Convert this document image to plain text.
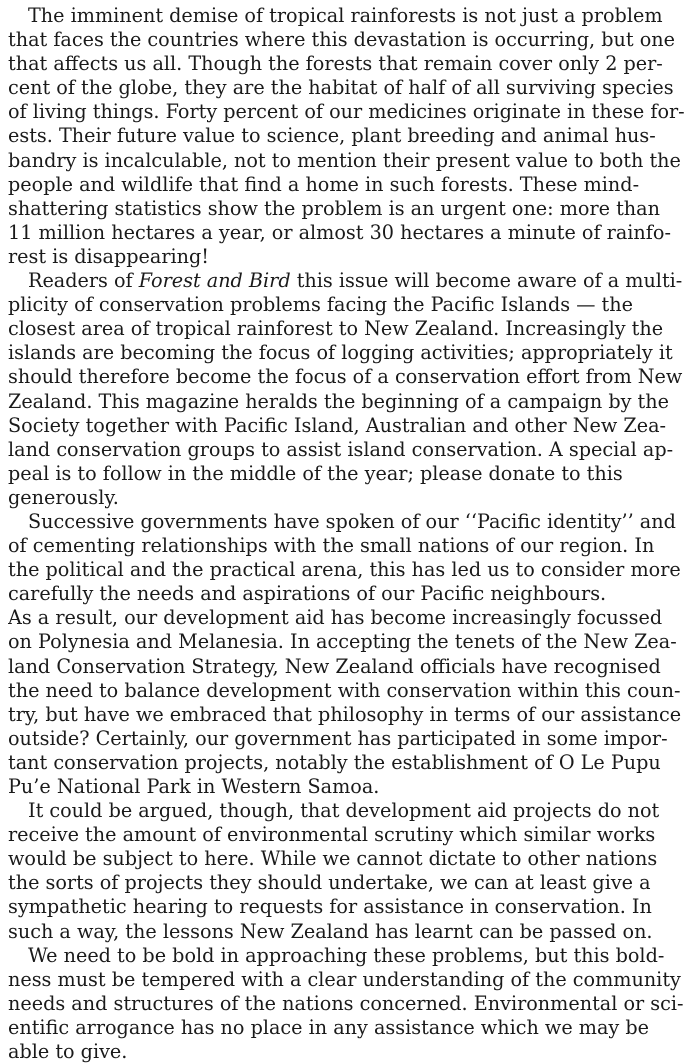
The imminent demise of tropical rainforests is not just a problem
that faces the countries where this devastation is occurring, but one
that affects us all. Though the forests that remain cover only 2 per-
cent of the globe, they are the habitat of half of all surviving species
of living things. Forty percent of our medicines originate in these for-
ests. Their future value to science, plant breeding and animal hus-
bandry is incalculable, not to mention their present value to both the
people and wildlife that find a home in such forests. These mind-
shattering statistics show the problem is an urgent one: more than
11 million hectares a year, or almost 30 hectares a minute of rainfo-
rest is disappearing!
Readers of Forest and Bird this issue will become aware of a multi-
plicity of conservation problems facing the Pacific Islands — the
closest area of tropical rainforest to New Zealand. Increasingly the
islands are becoming the focus of logging activities; appropriately it
should therefore become the focus of a conservation effort from New
Zealand. This magazine heralds the beginning of a campaign by the
Society together with Pacific Island, Australian and other New Zea-
land conservation groups to assist island conservation. A special ap-
peal is to follow in the middle of the year; please donate to this
generously.
Successive governments have spoken of our ‘‘Pacific identity’’ and
of cementing relationships with the small nations of our region. In
the political and the practical arena, this has led us to consider more
carefully the needs and aspirations of our Pacific neighbours.
As a result, our development aid has become increasingly focussed
on Polynesia and Melanesia. In accepting the tenets of the New Zea-
land Conservation Strategy, New Zealand officials have recognised
the need to balance development with conservation within this coun-
try, but have we embraced that philosophy in terms of our assistance
outside? Certainly, our government has participated in some impor-
tant conservation projects, notably the establishment of O Le Pupu
Pu’e National Park in Western Samoa.
It could be argued, though, that development aid projects do not
receive the amount of environmental scrutiny which similar works
would be subject to here. While we cannot dictate to other nations
the sorts of projects they should undertake, we can at least give a
sympathetic hearing to requests for assistance in conservation. In
such a way, the lessons New Zealand has learnt can be passed on.
We need to be bold in approaching these problems, but this bold-
ness must be tempered with a clear understanding of the community
needs and structures of the nations concerned. Environmental or sci-
entific arrogance has no place in any assistance which we may be
able to give.
